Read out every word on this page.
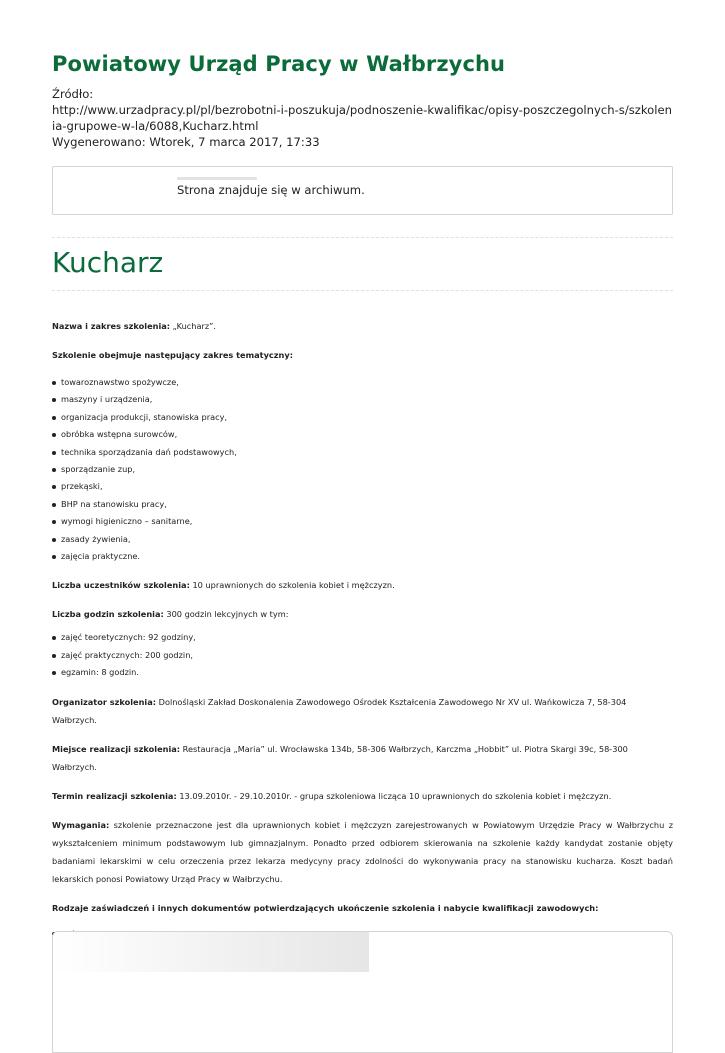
Powiatowy Urząd Pracy w Wałbrzychu
Źródło:
http://www.urzadpracy.pl/pl/bezrobotni-i-poszukuja/podnoszenie-kwalifikac/opisy-poszczegolnych-s/szkolenia-grupowe-w-la/6088,Kucharz.html
Wygenerowano: Wtorek, 7 marca 2017, 17:33
Strona znajduje się w archiwum.
Kucharz

Nazwa i zakres szkolenia: „Kucharz”.

Szkolenie obejmuje następujący zakres tematyczny:

towaroznawstwo spożywcze,
maszyny i urządzenia,
organizacja produkcji, stanowiska pracy,
obróbka wstępna surowców,
technika sporządzania dań podstawowych,
sporządzanie zup,
przekąski,
BHP na stanowisku pracy,
wymogi higieniczno – sanitarne,
zasady żywienia,
zajęcia praktyczne.

Liczba uczestników szkolenia: 10 uprawnionych do szkolenia kobiet i mężczyzn.

Liczba godzin szkolenia: 300 godzin lekcyjnych w tym:

zajęć teoretycznych: 92 godziny,
zajęć praktycznych: 200 godzin,
egzamin: 8 godzin.

Organizator szkolenia: Dolnośląski Zakład Doskonalenia Zawodowego Ośrodek Kształcenia Zawodowego Nr XV ul. Wańkowicza 7, 58-304 Wałbrzych.

Miejsce realizacji szkolenia: Restauracja „Maria” ul. Wrocławska 134b, 58-306 Wałbrzych, Karczma „Hobbit” ul. Piotra Skargi 39c, 58-300 Wałbrzych.

Termin realizacji szkolenia: 13.09.2010r. - 29.10.2010r. - grupa szkoleniowa licząca 10 uprawnionych do szkolenia kobiet i mężczyzn.

Wymagania: szkolenie przeznaczone jest dla uprawnionych kobiet i mężczyzn zarejestrowanych w Powiatowym Urzędzie Pracy w Wałbrzychu z wykształceniem minimum podstawowym lub gimnazjalnym. Ponadto przed odbiorem skierowania na szkolenie każdy kandydat zostanie objęty badaniami lekarskimi w celu orzeczenia przez lekarza medycyny pracy zdolności do wykonywania pracy na stanowisku kucharza. Koszt badań lekarskich ponosi Powiatowy Urząd Pracy w Wałbrzychu.

Rodzaje zaświadczeń i innych dokumentów potwierdzających ukończenie szkolenia i nabycie kwalifikacji zawodowych:
